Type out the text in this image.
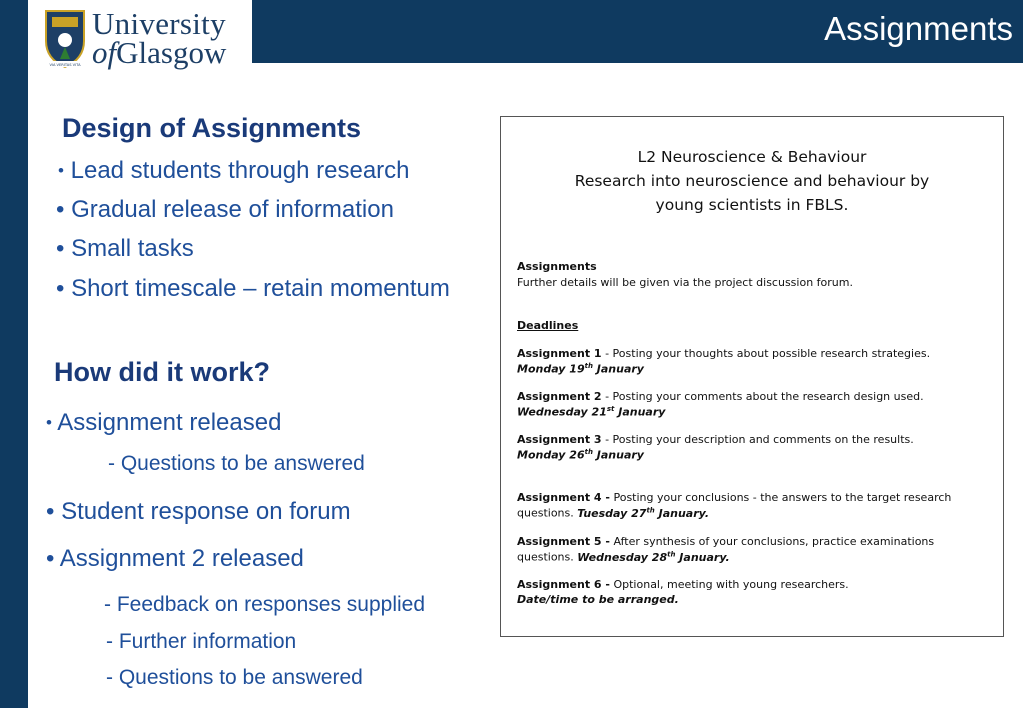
Assignments
VIA VERITAS VITA
University
ofGlasgow
Design of Assignments
• Lead students through research
• Gradual release of information
• Small tasks
• Short timescale – retain momentum
How did it work?
• Assignment released
- Questions to be answered
• Student response on forum
• Assignment 2 released
- Feedback on responses supplied
- Further information
- Questions to be answered
L2 Neuroscience & Behaviour
Research into neuroscience and behaviour by
young scientists in FBLS.
Assignments
Further details will be given via the project discussion forum.
Deadlines
Assignment 1 - Posting your thoughts about possible research strategies.
Monday 19th January
Assignment 2 - Posting your comments about the research design used.
Wednesday 21st January
Assignment 3 - Posting your description and comments on the results.
Monday 26th January
Assignment 4 - Posting your conclusions - the answers to the target research
questions. Tuesday 27th January.
Assignment 5 - After synthesis of your conclusions, practice examinations
questions. Wednesday 28th January.
Assignment 6 - Optional, meeting with young researchers.
Date/time to be arranged.
